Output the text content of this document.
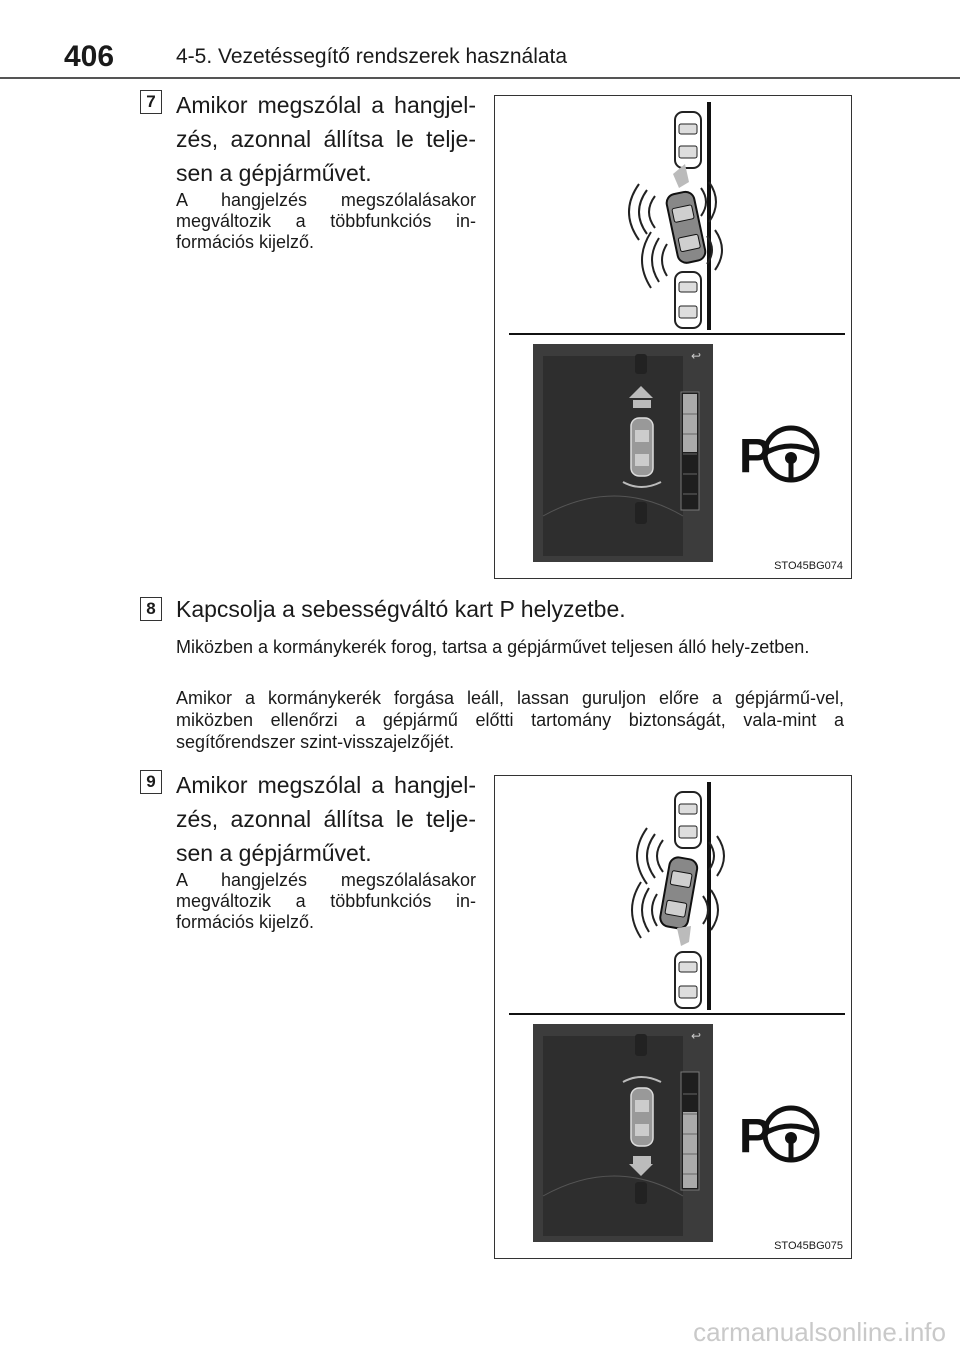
406	4-5. Vezetéssegítő rendszerek használata
7 Amikor megszólal a hangjel-zés, azonnal állítsa le telje-sen a gépjárművet.
A hangjelzés megszólalásakor megváltozik a többfunkciós in-formációs kijelző.
↩
P
STO45BG074
8 Kapcsolja a sebességváltó kart P helyzetbe.
Miközben a kormánykerék forog, tartsa a gépjárművet teljesen álló hely-zetben.
Amikor a kormánykerék forgása leáll, lassan guruljon előre a gépjármű-vel, miközben ellenőrzi a gépjármű előtti tartomány biztonságát, vala-mint a segítőrendszer szint-visszajelzőjét.
9 Amikor megszólal a hangjel-zés, azonnal állítsa le telje-sen a gépjárművet.
A hangjelzés megszólalásakor megváltozik a többfunkciós in-formációs kijelző.
↩
P
STO45BG075
carmanualsonline.info
